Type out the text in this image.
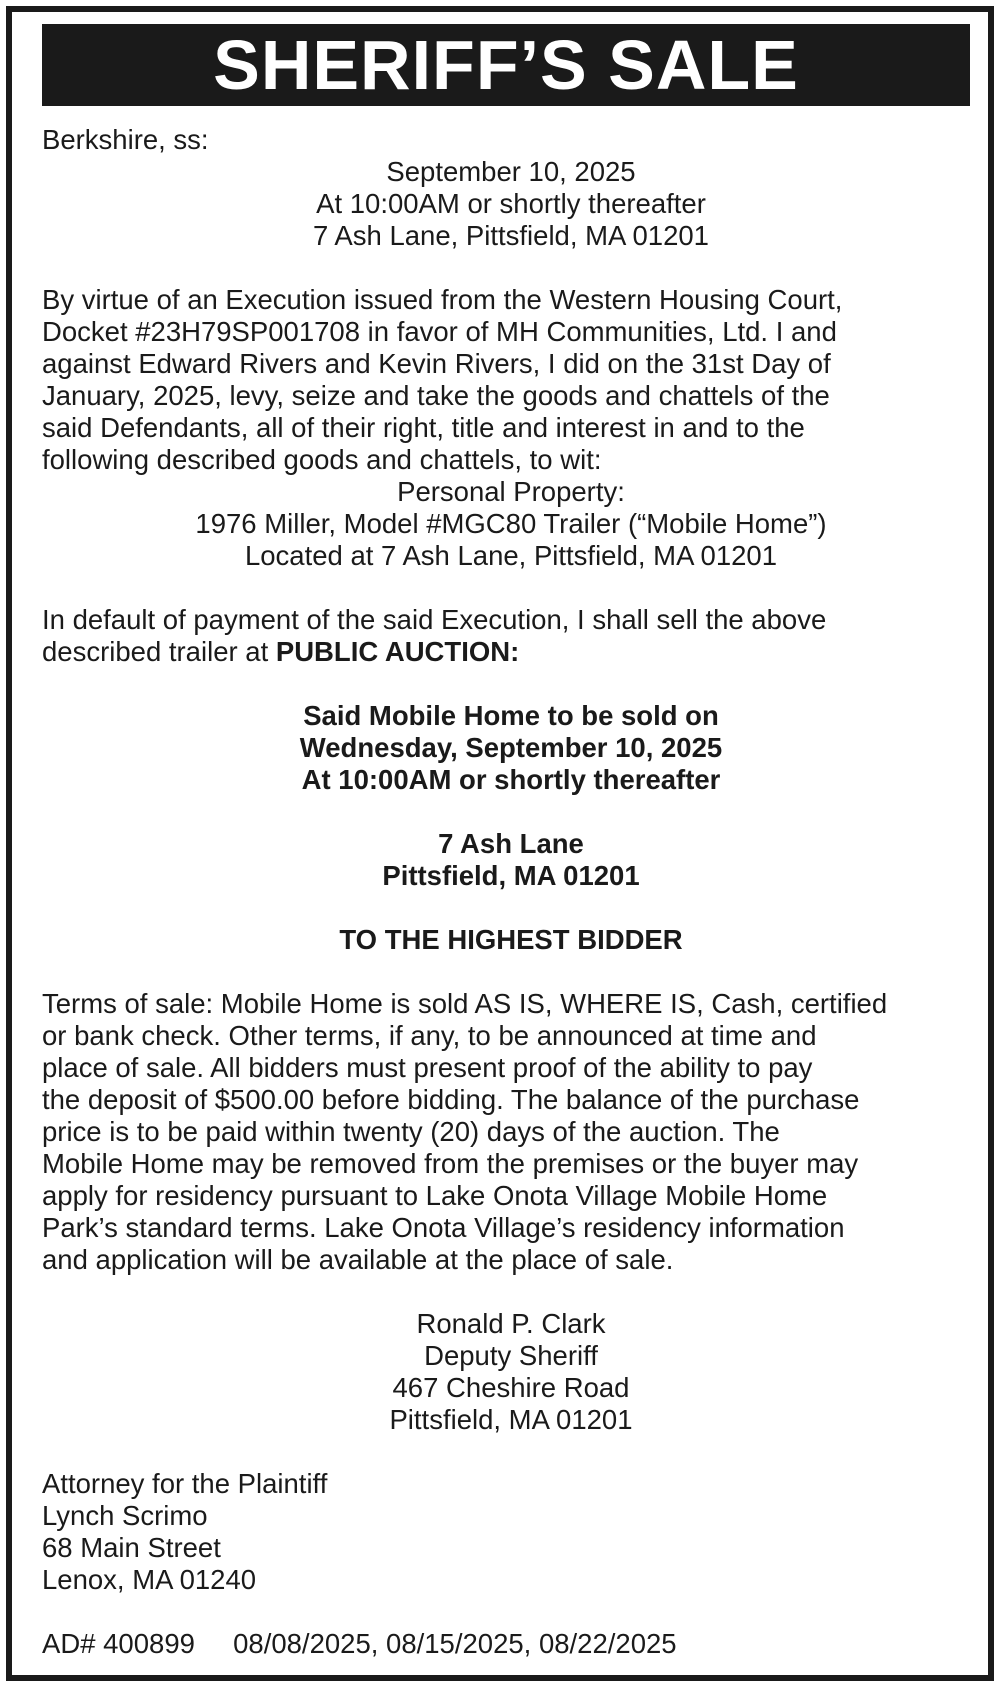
SHERIFF’S SALE
Berkshire, ss:
September 10, 2025
At 10:00AM or shortly thereafter
7 Ash Lane, Pittsfield, MA 01201
By virtue of an Execution issued from the Western Housing Court,
Docket #23H79SP001708 in favor of MH Communities, Ltd. I and
against Edward Rivers and Kevin Rivers, I did on the 31st Day of
January, 2025, levy, seize and take the goods and chattels of the
said Defendants, all of their right, title and interest in and to the
following described goods and chattels, to wit:
Personal Property:
1976 Miller, Model #MGC80 Trailer (“Mobile Home”)
Located at 7 Ash Lane, Pittsfield, MA 01201
In default of payment of the said Execution, I shall sell the above
described trailer at PUBLIC AUCTION:
Said Mobile Home to be sold on
Wednesday, September 10, 2025
At 10:00AM or shortly thereafter
7 Ash Lane
Pittsfield, MA 01201
TO THE HIGHEST BIDDER
Terms of sale: Mobile Home is sold AS IS, WHERE IS, Cash, certified
or bank check. Other terms, if any, to be announced at time and
place of sale. All bidders must present proof of the ability to pay
the deposit of $500.00 before bidding. The balance of the purchase
price is to be paid within twenty (20) days of the auction. The
Mobile Home may be removed from the premises or the buyer may
apply for residency pursuant to Lake Onota Village Mobile Home
Park’s standard terms. Lake Onota Village’s residency information
and application will be available at the place of sale.
Ronald P. Clark
Deputy Sheriff
467 Cheshire Road
Pittsfield, MA 01201
Attorney for the Plaintiff
Lynch Scrimo
68 Main Street
Lenox, MA 01240
AD# 400899 08/08/2025, 08/15/2025, 08/22/2025
